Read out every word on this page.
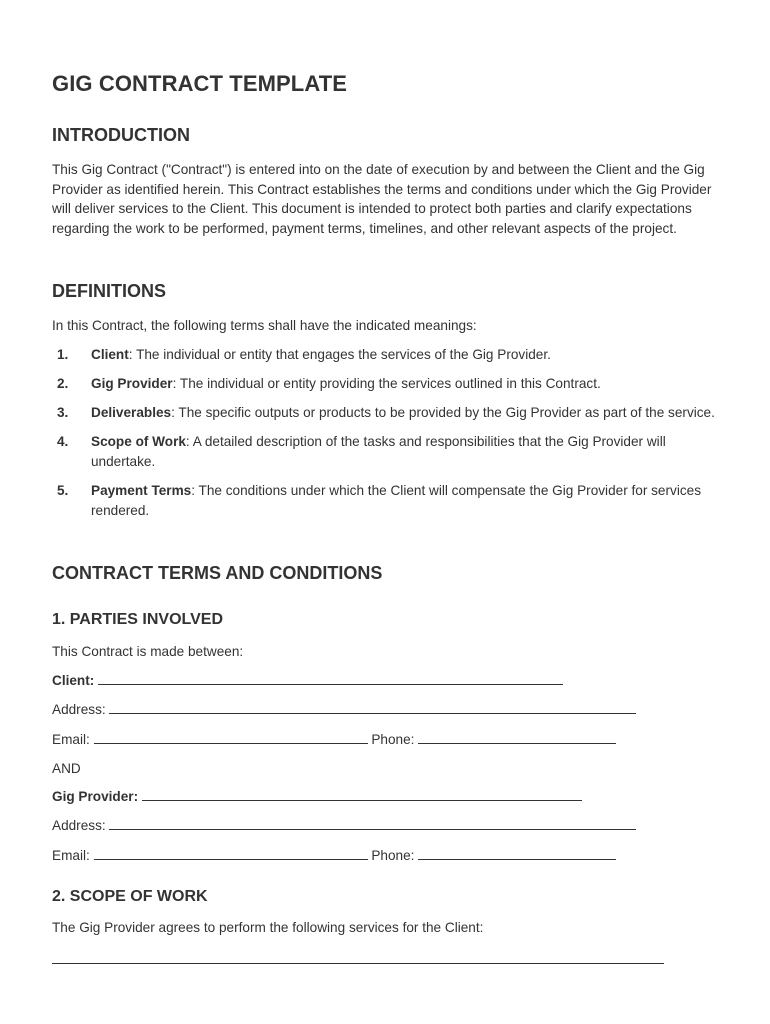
GIG CONTRACT TEMPLATE
INTRODUCTION

This Gig Contract ("Contract") is entered into on the date of execution by and between the Client and the Gig Provider as identified herein. This Contract establishes the terms and conditions under which the Gig Provider will deliver services to the Client. This document is intended to protect both parties and clarify expectations regarding the work to be performed, payment terms, timelines, and other relevant aspects of the project.

DEFINITIONS

In this Contract, the following terms shall have the indicated meanings:

1. Client: The individual or entity that engages the services of the Gig Provider.
2. Gig Provider: The individual or entity providing the services outlined in this Contract.
3. Deliverables: The specific outputs or products to be provided by the Gig Provider as part of the service.
4. Scope of Work: A detailed description of the tasks and responsibilities that the Gig Provider will undertake.
5. Payment Terms: The conditions under which the Client will compensate the Gig Provider for services rendered.
CONTRACT TERMS AND CONDITIONS
1. PARTIES INVOLVED

This Contract is made between:

Client:
Address:
Email:	Phone:

AND

Gig Provider:
Address:
Email:	Phone:
2. SCOPE OF WORK

The Gig Provider agrees to perform the following services for the Client:
